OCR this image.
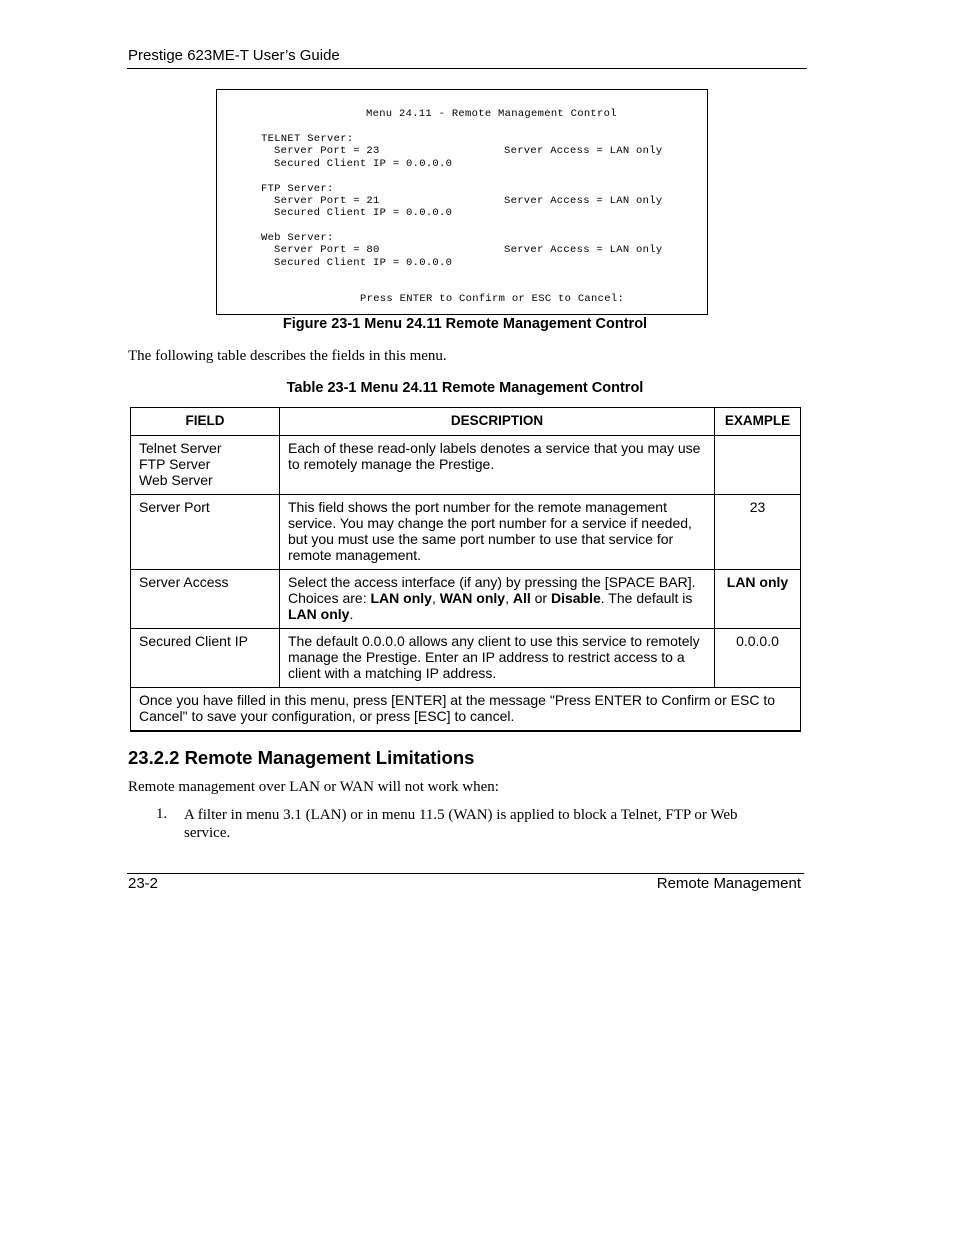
Prestige 623ME-T User’s Guide
Menu 24.11 - Remote Management Control
TELNET Server:
Server Port = 23	Server Access = LAN only
Secured Client IP = 0.0.0.0
FTP Server:
Server Port = 21	Server Access = LAN only
Secured Client IP = 0.0.0.0
Web Server:
Server Port = 80	Server Access = LAN only
Secured Client IP = 0.0.0.0
Press ENTER to Confirm or ESC to Cancel:
Figure 23-1 Menu 24.11 Remote Management Control
The following table describes the fields in this menu.
Table 23-1 Menu 24.11 Remote Management Control
FIELD	DESCRIPTION	EXAMPLE

Telnet Server
FTP Server
Web Server	Each of these read-only labels denotes a service that you may use to remotely manage the Prestige.	
Server Port	This field shows the port number for the remote management service. You may change the port number for a service if needed, but you must use the same port number to use that service for remote management.	23
Server Access	Select the access interface (if any) by pressing the [SPACE BAR]. Choices are: LAN only, WAN only, All or Disable. The default is LAN only.	LAN only
Secured Client IP	The default 0.0.0.0 allows any client to use this service to remotely manage the Prestige. Enter an IP address to restrict access to a client with a matching IP address.	0.0.0.0
Once you have filled in this menu, press [ENTER] at the message "Press ENTER to Confirm or ESC to Cancel" to save your configuration, or press [ESC] to cancel.		
23.2.2 Remote Management Limitations
Remote management over LAN or WAN will not work when:
1. A filter in menu 3.1 (LAN) or in menu 11.5 (WAN) is applied to block a Telnet, FTP or Web service.
23-2	Remote Management
